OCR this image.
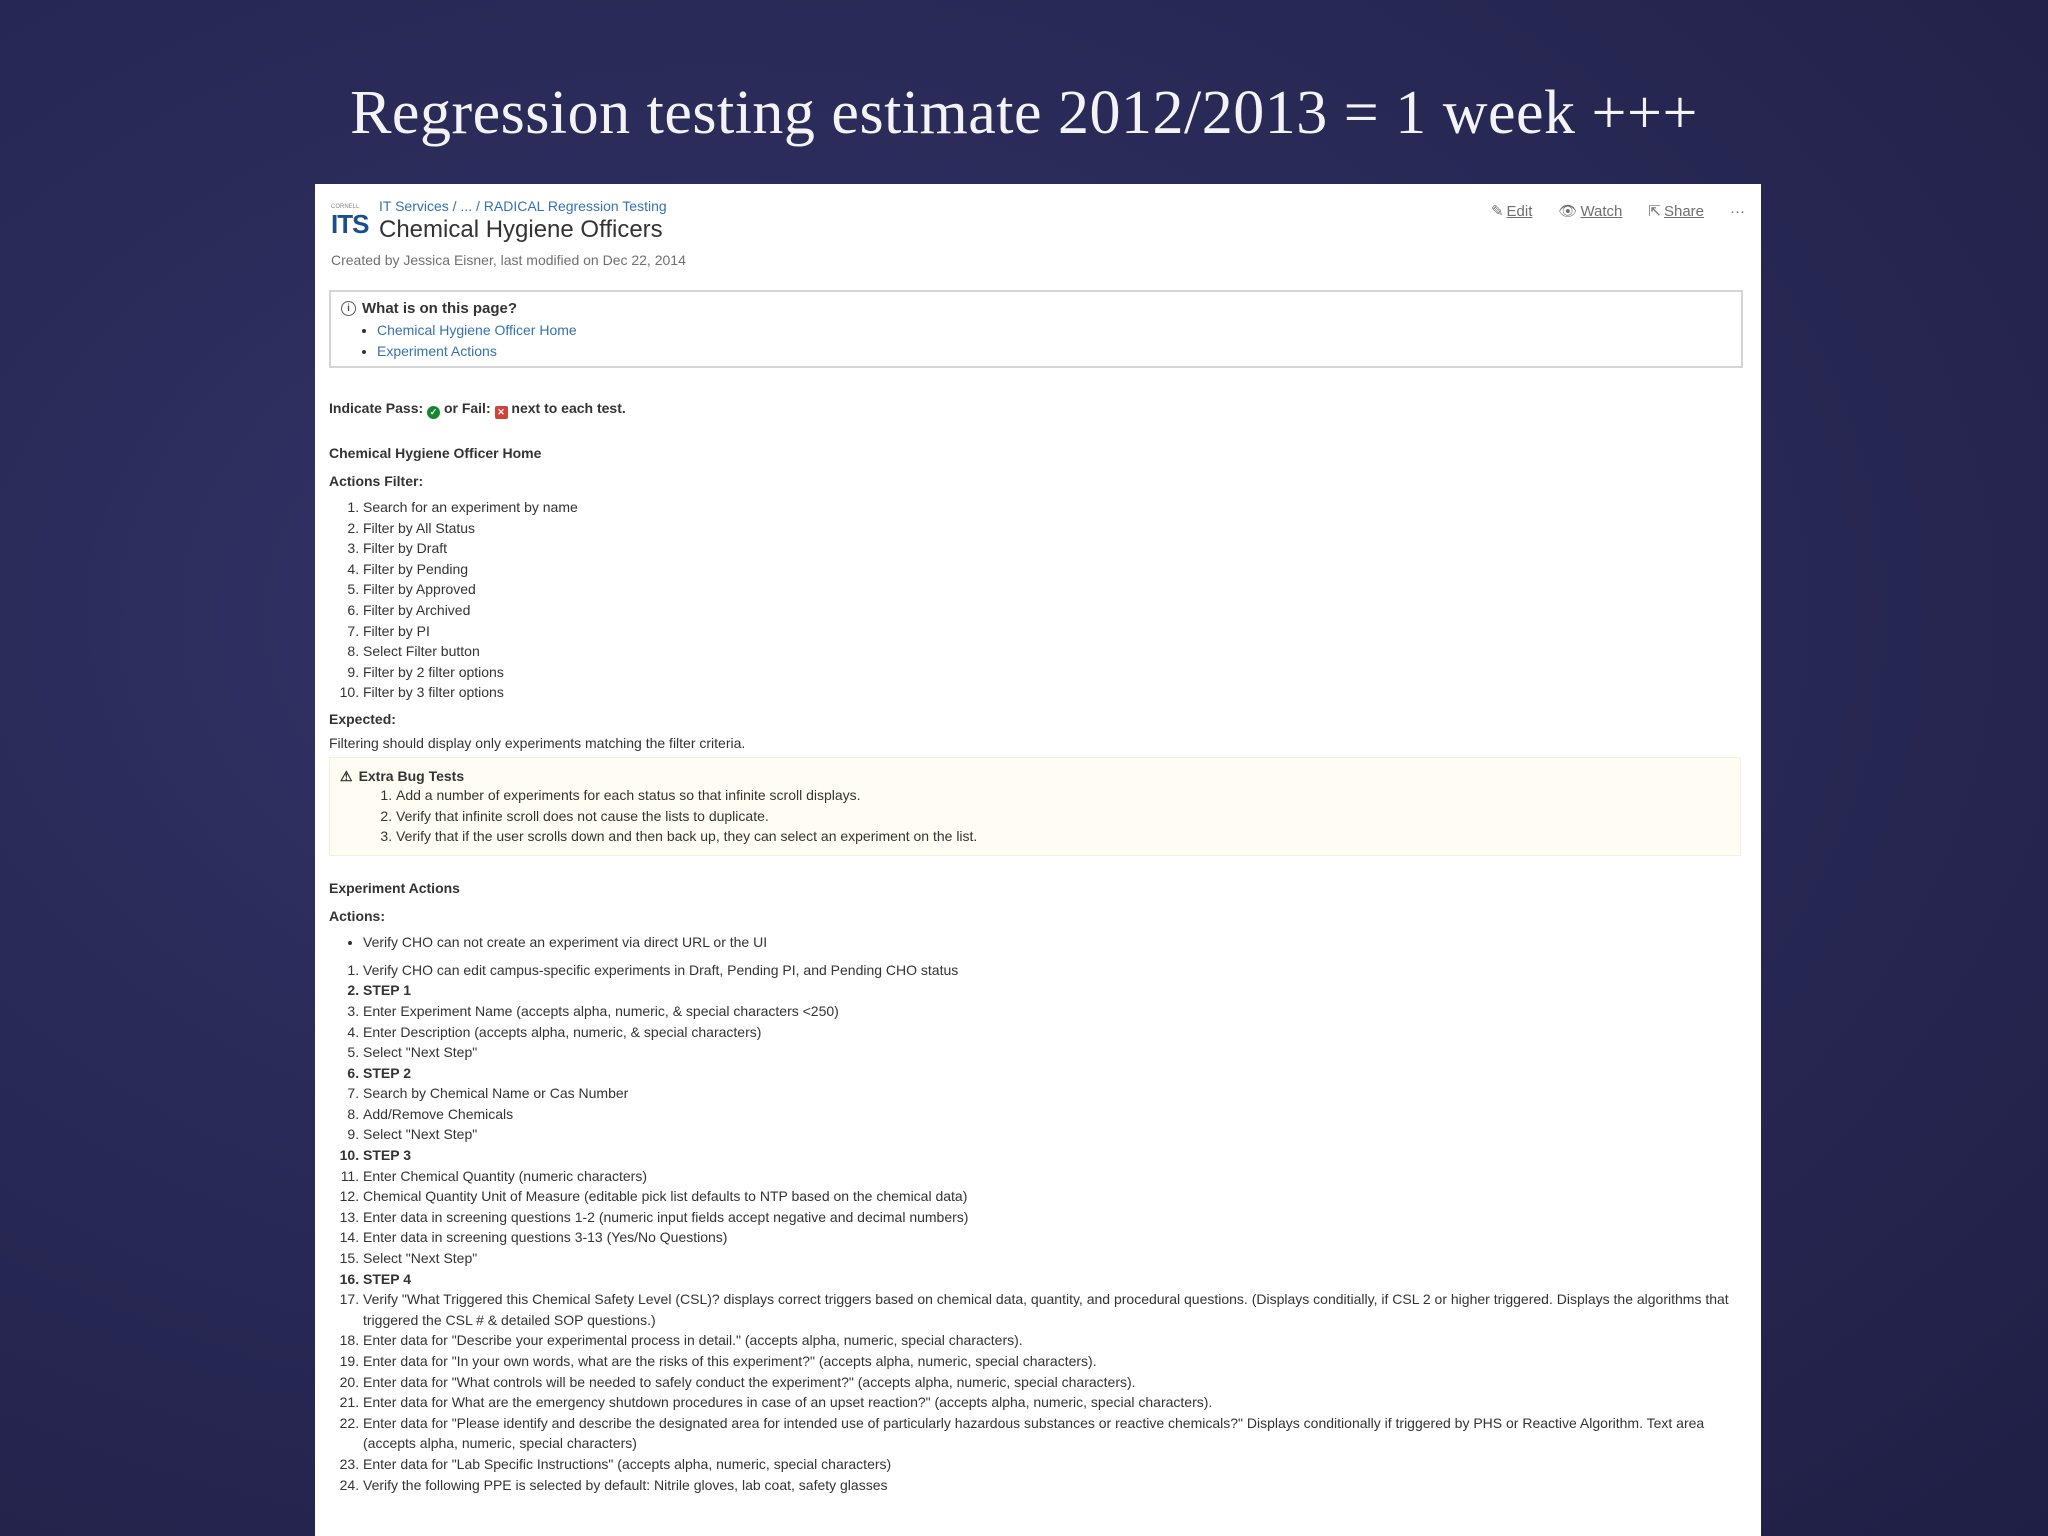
Regression testing estimate 2012/2013 = 1 week +++
CORNELL
ITS
IT Services / ... / RADICAL Regression Testing
Chemical Hygiene Officers
Created by Jessica Eisner, last modified on Dec 22, 2014
✎ Edit 👁 Watch ⇱ Share ···
i What is on this page?
• Chemical Hygiene Officer Home
• Experiment Actions
Indicate Pass: ✓ or Fail: ✕ next to each test.
Chemical Hygiene Officer Home
Actions Filter:
1. Search for an experiment by name
2. Filter by All Status
3. Filter by Draft
4. Filter by Pending
5. Filter by Approved
6. Filter by Archived
7. Filter by PI
8. Select Filter button
9. Filter by 2 filter options
10. Filter by 3 filter options
Expected:
Filtering should display only experiments matching the filter criteria.
⚠ Extra Bug Tests
1. Add a number of experiments for each status so that infinite scroll displays.
2. Verify that infinite scroll does not cause the lists to duplicate.
3. Verify that if the user scrolls down and then back up, they can select an experiment on the list.
Experiment Actions
Actions:
• Verify CHO can not create an experiment via direct URL or the UI
1. Verify CHO can edit campus-specific experiments in Draft, Pending PI, and Pending CHO status
2. STEP 1
3. Enter Experiment Name (accepts alpha, numeric, & special characters <250)
4. Enter Description (accepts alpha, numeric, & special characters)
5. Select "Next Step"
6. STEP 2
7. Search by Chemical Name or Cas Number
8. Add/Remove Chemicals
9. Select "Next Step"
10. STEP 3
11. Enter Chemical Quantity (numeric characters)
12. Chemical Quantity Unit of Measure (editable pick list defaults to NTP based on the chemical data)
13. Enter data in screening questions 1-2 (numeric input fields accept negative and decimal numbers)
14. Enter data in screening questions 3-13 (Yes/No Questions)
15. Select "Next Step"
16. STEP 4
17. Verify "What Triggered this Chemical Safety Level (CSL)? displays correct triggers based on chemical data, quantity, and procedural questions. (Displays conditially, if CSL 2 or higher triggered. Displays the algorithms that triggered the CSL # & detailed SOP questions.)
18. Enter data for "Describe your experimental process in detail." (accepts alpha, numeric, special characters).
19. Enter data for "In your own words, what are the risks of this experiment?" (accepts alpha, numeric, special characters).
20. Enter data for "What controls will be needed to safely conduct the experiment?" (accepts alpha, numeric, special characters).
21. Enter data for What are the emergency shutdown procedures in case of an upset reaction?" (accepts alpha, numeric, special characters).
22. Enter data for "Please identify and describe the designated area for intended use of particularly hazardous substances or reactive chemicals?" Displays conditionally if triggered by PHS or Reactive Algorithm. Text area (accepts alpha, numeric, special characters)
23. Enter data for "Lab Specific Instructions" (accepts alpha, numeric, special characters)
24. Verify the following PPE is selected by default: Nitrile gloves, lab coat, safety glasses
